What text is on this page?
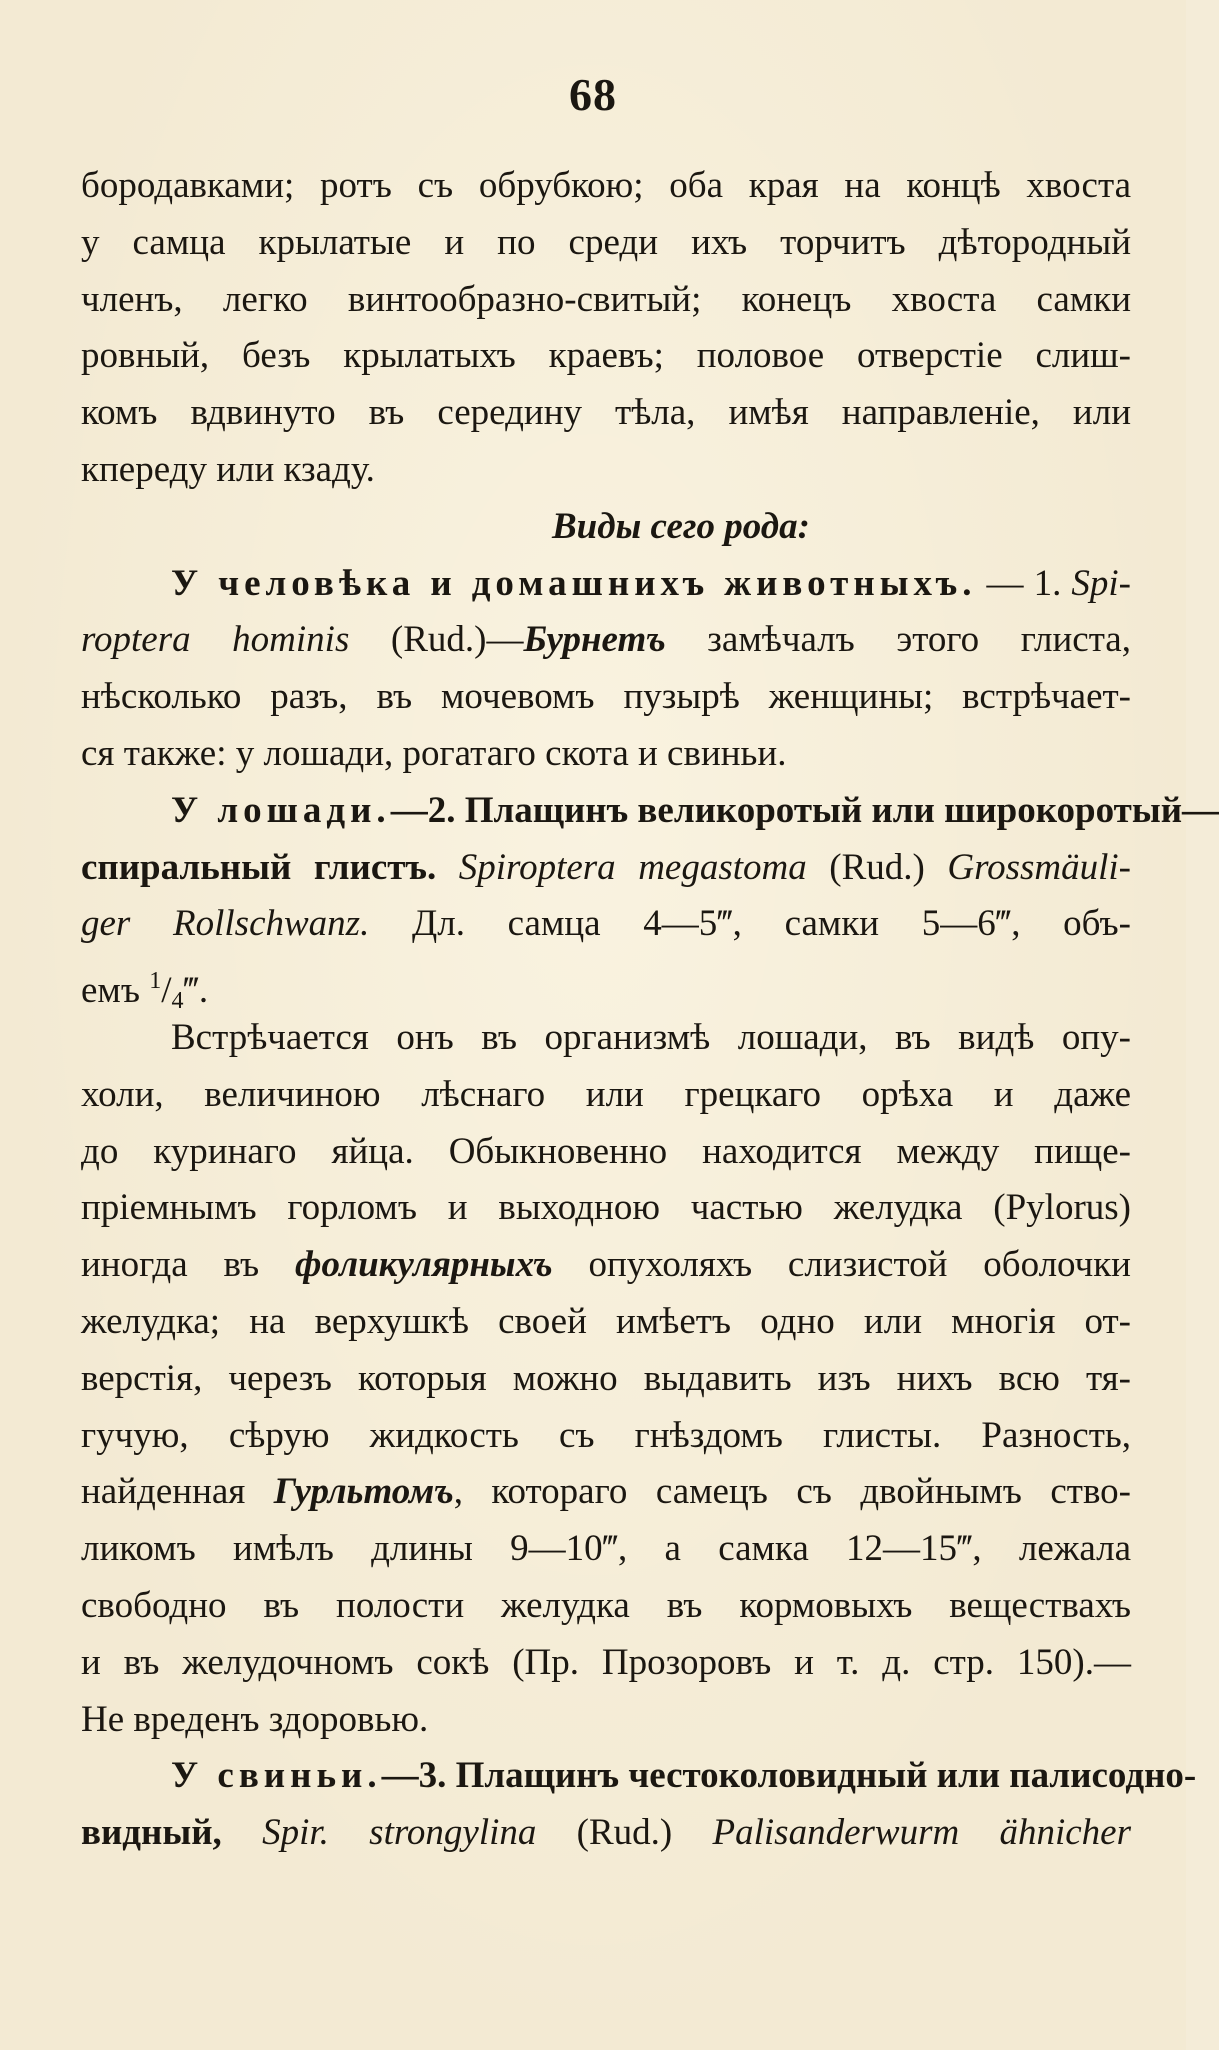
68
бородавками; ротъ съ обрубкою; оба края на концѣ хвоста
у самца крылатые и по среди ихъ торчитъ дѣтородный
членъ, легко винтообразно-свитый; конецъ хвоста самки
ровный, безъ крылатыхъ краевъ; половое отверстіе слиш-
комъ вдвинуто въ середину тѣла, имѣя направленіе, или
кпереду или кзаду.
Виды сего рода:
У человѣка и домашнихъ животныхъ. — 1. Spi-
roptera hominis (Rud.)—Бурнетъ замѣчалъ этого глиста,
нѣсколько разъ, въ мочевомъ пузырѣ женщины; встрѣчает-
ся также: у лошади, рогатаго скота и свиньи.
У лошади.—2. Плащинъ великоротый или широкоротый—
спиральный глистъ. Spiroptera megastoma (Rud.) Grossmäuli-
ger Rollschwanz. Дл. самца 4—5‴, самки 5—6‴, объ-
емъ $^1/_4‴$.
Встрѣчается онъ въ организмѣ лошади, въ видѣ опу-
холи, величиною лѣснаго или грецкаго орѣха и даже
до куринаго яйца. Обыкновенно находится между пище-
пріемнымъ горломъ и выходною частью желудка (Pylorus)
иногда въ фоликулярныхъ опухоляхъ слизистой оболочки
желудка; на верхушкѣ своей имѣетъ одно или многія от-
верстія, черезъ которыя можно выдавить изъ нихъ всю тя-
гучую, сѣрую жидкость съ гнѣздомъ глисты. Разность,
найденная Гурльтомъ, котораго самецъ съ двойнымъ ство-
ликомъ имѣлъ длины 9—10‴, а самка 12—15‴, лежала
свободно въ полости желудка въ кормовыхъ веществахъ
и въ желудочномъ сокѣ (Пр. Прозоровъ и т. д. стр. 150).—
Не вреденъ здоровью.
У свиньи.—3. Плащинъ честоколовидный или палисодно-
видный, Spir. strongylina (Rud.) Palisanderwurm ähnicher
